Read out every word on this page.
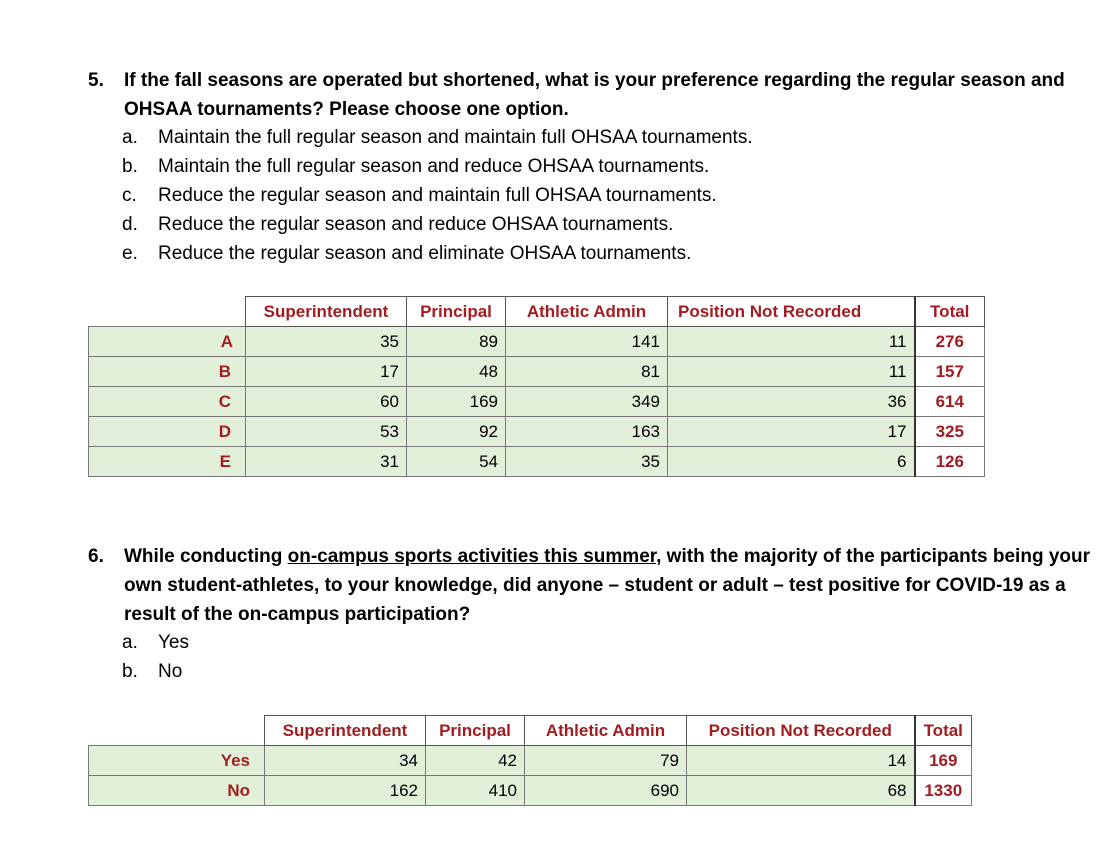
5. If the fall seasons are operated but shortened, what is your preference regarding the regular season and OHSAA tournaments? Please choose one option.
a. Maintain the full regular season and maintain full OHSAA tournaments.
b. Maintain the full regular season and reduce OHSAA tournaments.
c. Reduce the regular season and maintain full OHSAA tournaments.
d. Reduce the regular season and reduce OHSAA tournaments.
e. Reduce the regular season and eliminate OHSAA tournaments.
	Superintendent	Principal	Athletic Admin	Position Not Recorded	Total
A	35	89	141	11	276
B	17	48	81	11	157
C	60	169	349	36	614
D	53	92	163	17	325
E	31	54	35	6	126
6. While conducting on-campus sports activities this summer, with the majority of the participants being your own student-athletes, to your knowledge, did anyone – student or adult – test positive for COVID-19 as a result of the on-campus participation?
a. Yes
b. No
	Superintendent	Principal	Athletic Admin	Position Not Recorded	Total
Yes	34	42	79	14	169
No	162	410	690	68	1330
